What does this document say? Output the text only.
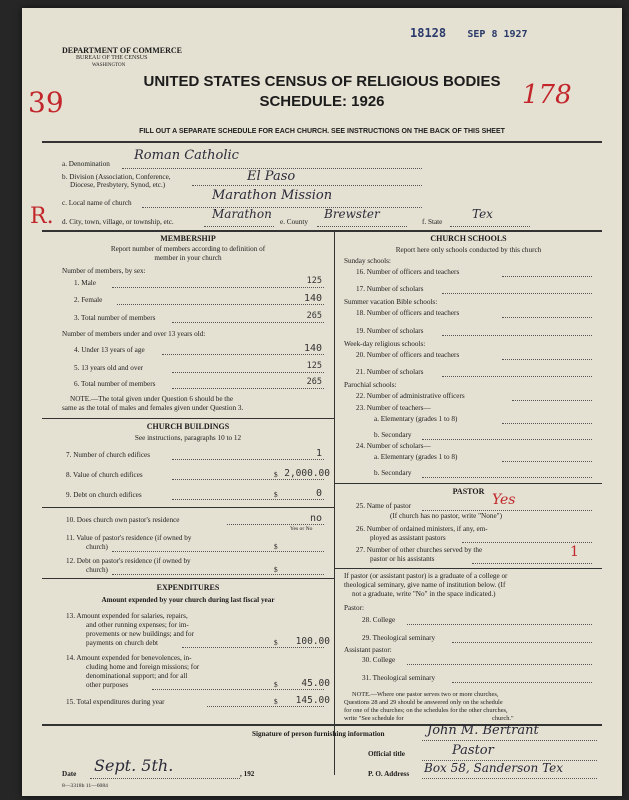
18128 SEP 8 1927
DEPARTMENT OF COMMERCE
BUREAU OF THE CENSUS
WASHINGTON
39	178
UNITED STATES CENSUS OF RELIGIOUS BODIES
SCHEDULE: 1926
FILL OUT A SEPARATE SCHEDULE FOR EACH CHURCH. SEE INSTRUCTIONS ON THE BACK OF THIS SHEET
a. Denomination
Roman Catholic
b. Division (Association, Conference,
Diocese, Presbytery, Synod, etc.)
El Paso
c. Local name of church	Marathon Mission
R. d. City, town, village, or township, etc.
Marathon
e. County
Brewster
f. State
Tex
MEMBERSHIP
Report number of members according to definition of
member in your church
Number of members, by sex:
1. Male	125
2. Female	140
3. Total number of members	265
Number of members under and over 13 years old:
4. Under 13 years of age	140
5. 13 years old and over	125
6. Total number of members	265
NOTE.—The total given under Question 6 should be the
same as the total of males and females given under Question 3.
CHURCH BUILDINGS
See instructions, paragraphs 10 to 12
7. Number of church edifices	1
8. Value of church edifices	$ 2,000.00
9. Debt on church edifices	$	0
10. Does church own pastor's residence	no
Yes or No
11. Value of pastor's residence (if owned by
church)	$
12. Debt on pastor's residence (if owned by
church)	$
EXPENDITURES
Amount expended by your church during last fiscal year
13. Amount expended for salaries, repairs,
and other running expenses; for im-
provements or new buildings; and for
payments on church debt	$	100.00
14. Amount expended for benevolences, in-
cluding home and foreign missions; for
denominational support; and for all
other purposes	$	45.00
15. Total expenditures during year	$	145.00
CHURCH SCHOOLS
Report here only schools conducted by this church
Sunday schools:
16. Number of officers and teachers
17. Number of scholars
Summer vacation Bible schools:
18. Number of officers and teachers
19. Number of scholars
Week-day religious schools:
20. Number of officers and teachers
21. Number of scholars
Parochial schools:
22. Number of administrative officers
23. Number of teachers—
a. Elementary (grades 1 to 8)
b. Secondary
24. Number of scholars—
a. Elementary (grades 1 to 8)
b. Secondary
PASTOR
25. Name of pastor	Yes
(If church has no pastor, write "None")
26. Number of ordained ministers, if any, em-
ployed as assistant pastors
27. Number of other churches served by the
pastor or his assistants	1
If pastor (or assistant pastor) is a graduate of a college or
theological seminary, give name of institution below. (If
not a graduate, write "No" in the space indicated.)
Pastor:
28. College
29. Theological seminary
Assistant pastor:
30. College
31. Theological seminary
NOTE.—Where one pastor serves two or more churches,
Questions 28 and 29 should be answered only on the schedule
for one of the churches; on the schedules for the other churches,
write "See schedule for	church."
Signature of person furnishing information	John M. Bertrant
Official title	Pastor
Date Sept. 5th.	, 192	P. O. Address Box 58, Sanderson Tex
8—3318b 11—6084
